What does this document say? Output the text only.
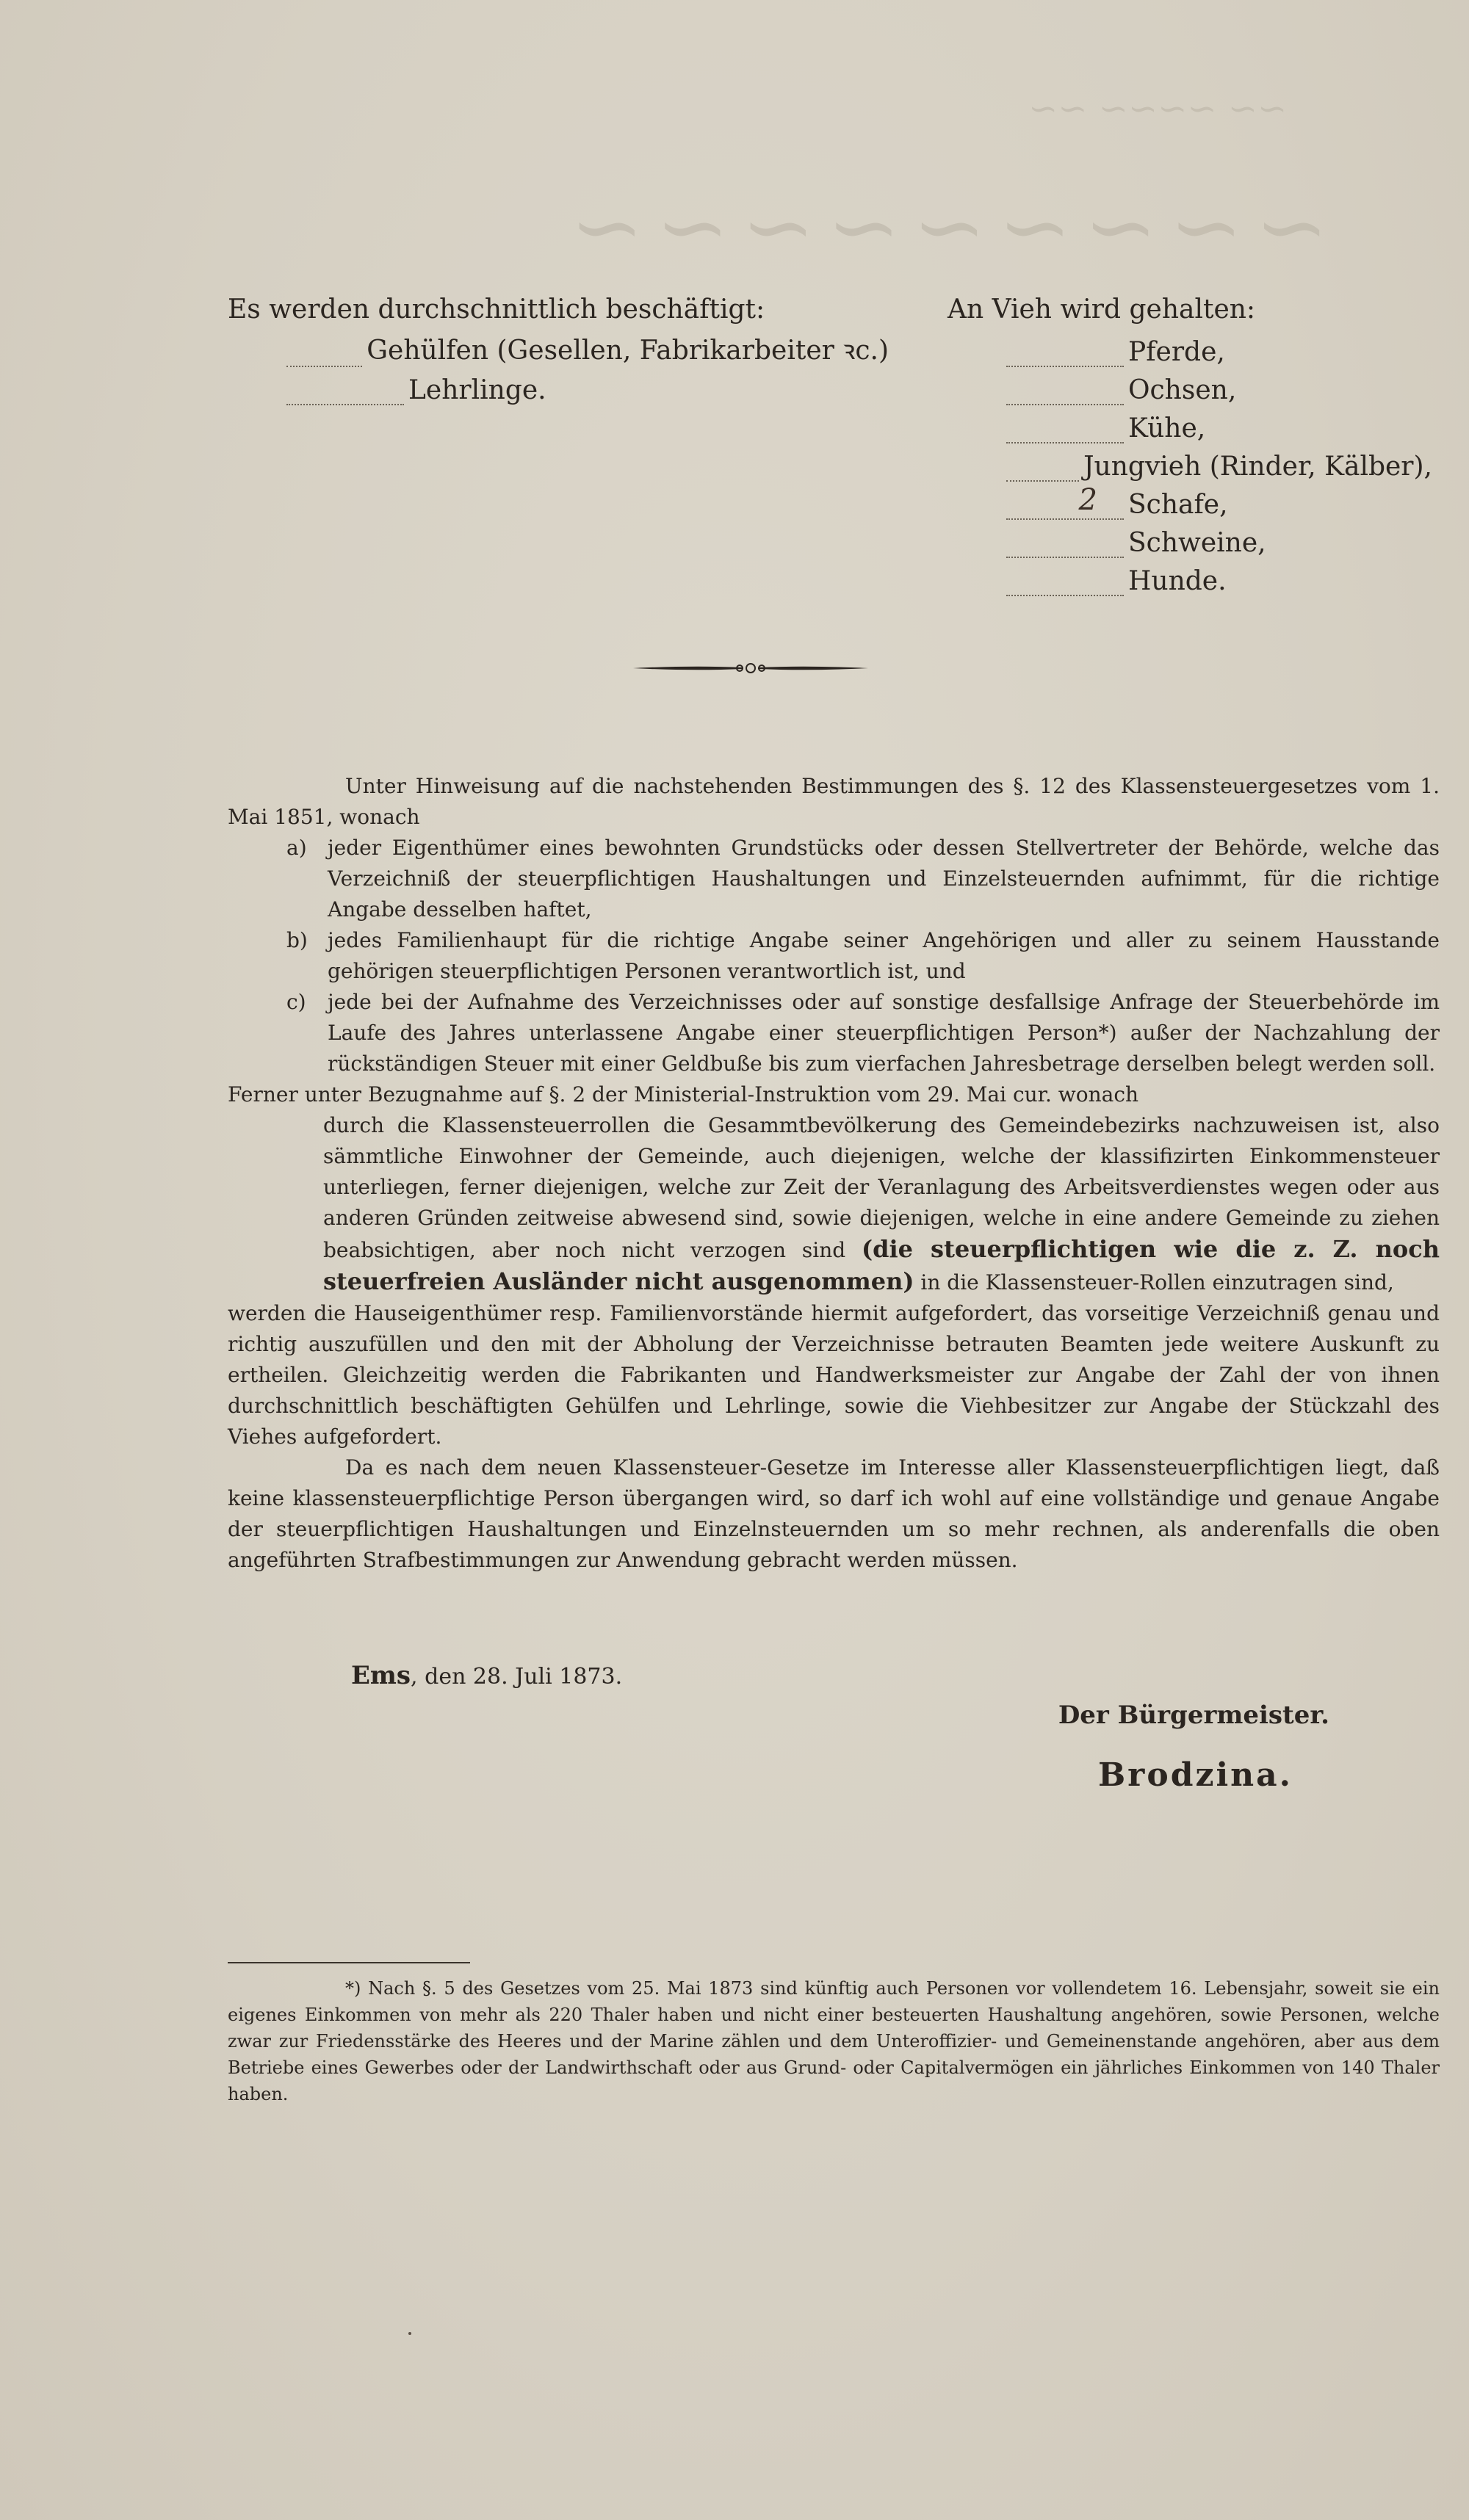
~~ ~~~~ ~~
~~~~~~~~~
Es werden durchschnittlich beschäftigt:
Gehülfen (Gesellen, Fabrikarbeiter ꝛc.)
Lehrlinge.
An Vieh wird gehalten:
Pferde,
Ochsen,
Kühe,
Jungvieh (Rinder, Kälber),
2 Schafe,
Schweine,
Hunde.

Unter Hinweisung auf die nachstehenden Bestimmungen des §. 12 des Klassensteuergesetzes vom 1. Mai 1851, wonach

a)	jeder Eigenthümer eines bewohnten Grundstücks oder dessen Stellvertreter der Behörde, welche das Verzeichniß der steuerpflichtigen Haushaltungen und Einzelsteuernden aufnimmt, für die richtige Angabe desselben haftet,
b) jedes Familienhaupt für die richtige Angabe seiner Angehörigen und aller zu seinem Hausstande gehörigen steuerpflichtigen Personen verantwortlich ist, und
c)	jede bei der Aufnahme des Verzeichnisses oder auf sonstige desfallsige Anfrage der Steuerbehörde im Laufe des Jahres unterlassene Angabe einer steuerpflichtigen Person*) außer der Nachzahlung der rückständigen Steuer mit einer Geldbuße bis zum vierfachen Jahresbetrage derselben belegt werden soll.

Ferner unter Bezugnahme auf §. 2 der Ministerial-Instruktion vom 29. Mai cur. wonach

durch die Klassensteuerrollen die Gesammtbevölkerung des Gemeindebezirks nachzuweisen ist, also sämmtliche Einwohner der Gemeinde, auch diejenigen, welche der klassifizirten Einkommensteuer unterliegen, ferner diejenigen, welche zur Zeit der Veranlagung des Arbeitsverdienstes wegen oder aus anderen Gründen zeitweise abwesend sind, sowie diejenigen, welche in eine andere Gemeinde zu ziehen beabsichtigen, aber noch nicht verzogen sind (die steuerpflichtigen wie die z. Z. noch steuerfreien Ausländer nicht ausgenommen) in die Klassensteuer-Rollen einzutragen sind,

werden die Hauseigenthümer resp. Familienvorstände hiermit aufgefordert, das vorseitige Verzeichniß genau und richtig auszufüllen und den mit der Abholung der Verzeichnisse betrauten Beamten jede weitere Auskunft zu ertheilen. Gleichzeitig werden die Fabrikanten und Handwerksmeister zur Angabe der Zahl der von ihnen durchschnittlich beschäftigten Gehülfen und Lehrlinge, sowie die Viehbesitzer zur Angabe der Stückzahl des Viehes aufgefordert.

Da es nach dem neuen Klassensteuer-Gesetze im Interesse aller Klassensteuerpflichtigen liegt, daß keine klassensteuerpflichtige Person übergangen wird, so darf ich wohl auf eine vollständige und genaue Angabe der steuerpflichtigen Haushaltungen und Einzelnsteuernden um so mehr rechnen, als anderenfalls die oben angeführten Strafbestimmungen zur Anwendung gebracht werden müssen.

Ems, den 28. Juli 1873.
Der Bürgermeister.
Brodzina.
*) Nach §. 5 des Gesetzes vom 25. Mai 1873 sind künftig auch Personen vor vollendetem 16. Lebensjahr, soweit sie ein eigenes Einkommen von mehr als 220 Thaler haben und nicht einer besteuerten Haushaltung angehören, sowie Personen, welche zwar zur Friedensstärke des Heeres und der Marine zählen und dem Unteroffizier- und Gemeinenstande angehören, aber aus dem Betriebe eines Gewerbes oder der Landwirthschaft oder aus Grund- oder Capitalvermögen ein jährliches Einkommen von 140 Thaler haben.
